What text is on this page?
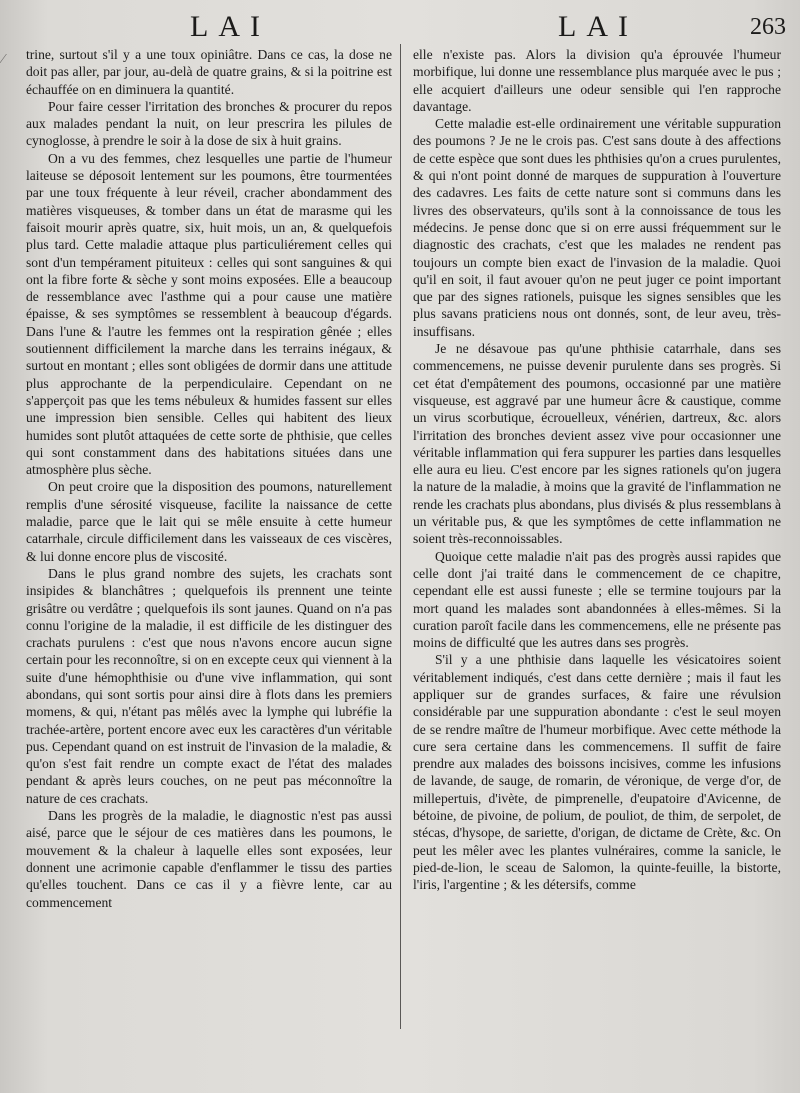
LAI	LAI	263
⁄ trine, surtout s'il y a une toux opiniâtre. Dans ce cas, la dose ne doit pas aller, par jour, au-delà de quatre grains, & si la poitrine est échauffée on en diminuera la quantité.

Pour faire cesser l'irritation des bronches & procurer du repos aux malades pendant la nuit, on leur prescrira les pilules de cynoglosse, à prendre le soir à la dose de six à huit grains.

On a vu des femmes, chez lesquelles une partie de l'humeur laiteuse se déposoit lentement sur les poumons, être tourmentées par une toux fréquente à leur réveil, cracher abondamment des matières visqueuses, & tomber dans un état de marasme qui les faisoit mourir après quatre, six, huit mois, un an, & quelquefois plus tard. Cette maladie attaque plus particuliérement celles qui sont d'un tempérament pituiteux : celles qui sont sanguines & qui ont la fibre forte & sèche y sont moins exposées. Elle a beaucoup de ressemblance avec l'asthme qui a pour cause une matière épaisse, & ses symptômes se ressemblent à beaucoup d'égards. Dans l'une & l'autre les femmes ont la respiration gênée ; elles soutiennent difficilement la marche dans les terrains inégaux, & surtout en montant ; elles sont obligées de dormir dans une attitude plus approchante de la perpendiculaire. Cependant on ne s'apperçoit pas que les tems nébuleux & humides fassent sur elles une impression bien sensible. Celles qui habitent des lieux humides sont plutôt attaquées de cette sorte de phthisie, que celles qui sont constamment dans des habitations situées dans une atmosphère plus sèche.

On peut croire que la disposition des poumons, naturellement remplis d'une sérosité visqueuse, facilite la naissance de cette maladie, parce que le lait qui se mêle ensuite à cette humeur catarrhale, circule difficilement dans les vaisseaux de ces viscères, & lui donne encore plus de viscosité.

Dans le plus grand nombre des sujets, les crachats sont insipides & blanchâtres ; quelquefois ils prennent une teinte grisâtre ou verdâtre ; quelquefois ils sont jaunes. Quand on n'a pas connu l'origine de la maladie, il est difficile de les distinguer des crachats purulens : c'est que nous n'avons encore aucun signe certain pour les reconnoître, si on en excepte ceux qui viennent à la suite d'une hémophthisie ou d'une vive inflammation, qui sont abondans, qui sont sortis pour ainsi dire à flots dans les premiers momens, & qui, n'étant pas mêlés avec la lymphe qui lubréfie la trachée-artère, portent encore avec eux les caractères d'un véritable pus. Cependant quand on est instruit de l'invasion de la maladie, & qu'on s'est fait rendre un compte exact de l'état des malades pendant & après leurs couches, on ne peut pas méconnoître la nature de ces crachats.

Dans les progrès de la maladie, le diagnostic n'est pas aussi aisé, parce que le séjour de ces matières dans les poumons, le mouvement & la chaleur à laquelle elles sont exposées, leur donnent une acrimonie capable d'enflammer le tissu des parties qu'elles touchent. Dans ce cas il y a fièvre lente, car au commencement

elle n'existe pas. Alors la division qu'a éprouvée l'humeur morbifique, lui donne une ressemblance plus marquée avec le pus ; elle acquiert d'ailleurs une odeur sensible qui l'en rapproche davantage.

Cette maladie est-elle ordinairement une véritable suppuration des poumons ? Je ne le crois pas. C'est sans doute à des affections de cette espèce que sont dues les phthisies qu'on a crues purulentes, & qui n'ont point donné de marques de suppuration à l'ouverture des cadavres. Les faits de cette nature sont si communs dans les livres des observateurs, qu'ils sont à la connoissance de tous les médecins. Je pense donc que si on erre aussi fréquemment sur le diagnostic des crachats, c'est que les malades ne rendent pas toujours un compte bien exact de l'invasion de la maladie. Quoi qu'il en soit, il faut avouer qu'on ne peut juger ce point important que par des signes rationels, puisque les signes sensibles que les plus savans praticiens nous ont donnés, sont, de leur aveu, très-insuffisans.

Je ne désavoue pas qu'une phthisie catarrhale, dans ses commencemens, ne puisse devenir purulente dans ses progrès. Si cet état d'empâtement des poumons, occasionné par une matière visqueuse, est aggravé par une humeur âcre & caustique, comme un virus scorbutique, écrouelleux, vénérien, dartreux, &c. alors l'irritation des bronches devient assez vive pour occasionner une véritable inflammation qui fera suppurer les parties dans lesquelles elle aura eu lieu. C'est encore par les signes rationels qu'on jugera la nature de la maladie, à moins que la gravité de l'inflammation ne rende les crachats plus abondans, plus divisés & plus ressemblans à un véritable pus, & que les symptômes de cette inflammation ne soient très-reconnoissables.

Quoique cette maladie n'ait pas des progrès aussi rapides que celle dont j'ai traité dans le commencement de ce chapitre, cependant elle est aussi funeste ; elle se termine toujours par la mort quand les malades sont abandonnées à elles-mêmes. Si la curation paroît facile dans les commencemens, elle ne présente pas moins de difficulté que les autres dans ses progrès.

S'il y a une phthisie dans laquelle les vésicatoires soient véritablement indiqués, c'est dans cette dernière ; mais il faut les appliquer sur de grandes surfaces, & faire une révulsion considérable par une suppuration abondante : c'est le seul moyen de se rendre maître de l'humeur morbifique. Avec cette méthode la cure sera certaine dans les commencemens. Il suffit de faire prendre aux malades des boissons incisives, comme les infusions de lavande, de sauge, de romarin, de véronique, de verge d'or, de millepertuis, d'ivète, de pimprenelle, d'eupatoire d'Avicenne, de bétoine, de pivoine, de polium, de pouliot, de thim, de serpolet, de stécas, d'hysope, de sariette, d'origan, de dictame de Crète, &c. On peut les mêler avec les plantes vulnéraires, comme la sanicle, le pied-de-lion, le sceau de Salomon, la quinte-feuille, la bistorte, l'iris, l'argentine ; & les détersifs, comme
